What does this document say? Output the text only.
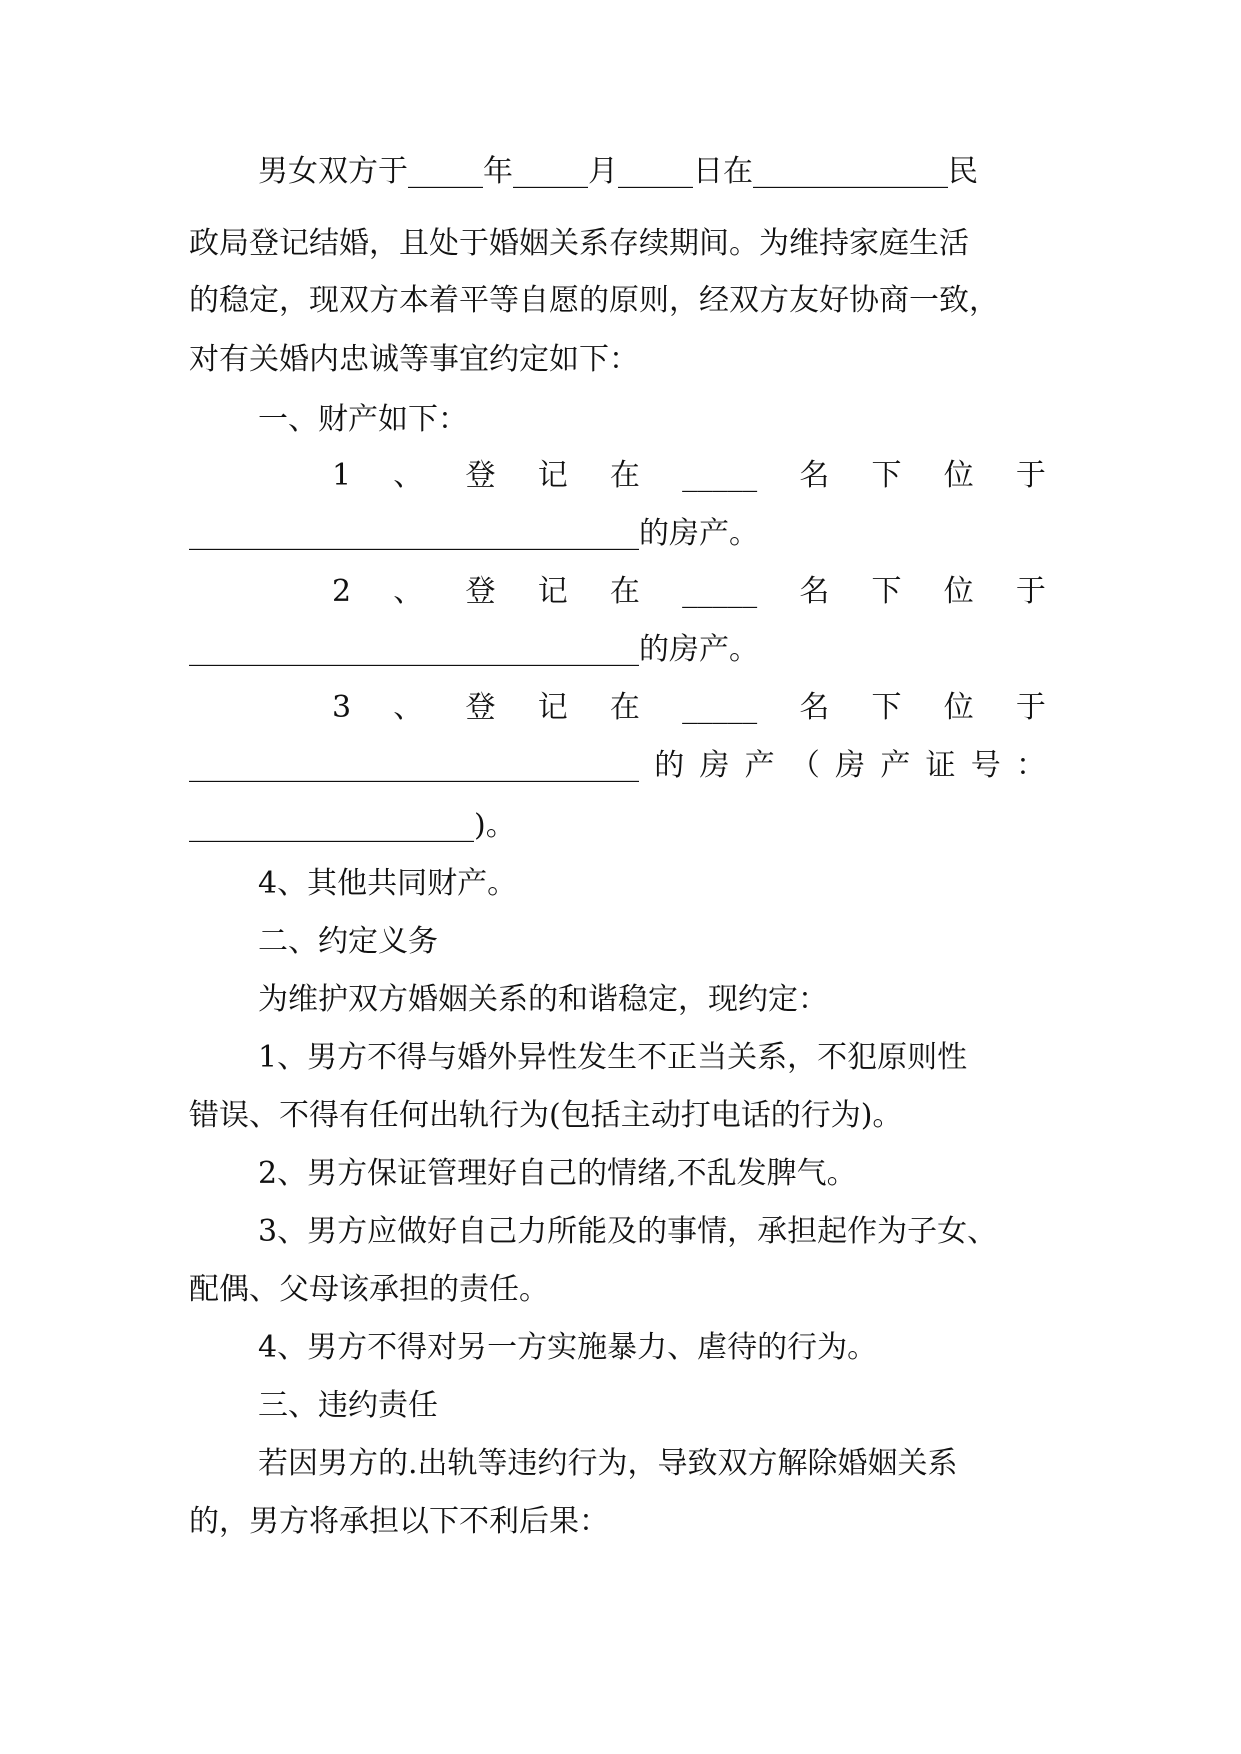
男女双方于_____年_____月_____日在_____________民
政局登记结婚，且处于婚姻关系存续期间。为维持家庭生活
的稳定，现双方本着平等自愿的原则，经双方友好协商一致，
对有关婚内忠诚等事宜约定如下：
一、财产如下：
1 、 登 记 在 _____ 名 下 位 于
______________________________的房产。
2 、 登 记 在 _____ 名 下 位 于
______________________________的房产。
3 、 登 记 在 _____ 名 下 位 于
______________________________ 的 房 产 （ 房 产 证 号 ：
___________________)。
4、其他共同财产。
二、约定义务
为维护双方婚姻关系的和谐稳定，现约定：
1、男方不得与婚外异性发生不正当关系，不犯原则性
错误、不得有任何出轨行为(包括主动打电话的行为)。
2、男方保证管理好自己的情绪,不乱发脾气。
3、男方应做好自己力所能及的事情，承担起作为子女、
配偶、父母该承担的责任。
4、男方不得对另一方实施暴力、虐待的行为。
三、违约责任
若因男方的.出轨等违约行为，导致双方解除婚姻关系
的，男方将承担以下不利后果：
